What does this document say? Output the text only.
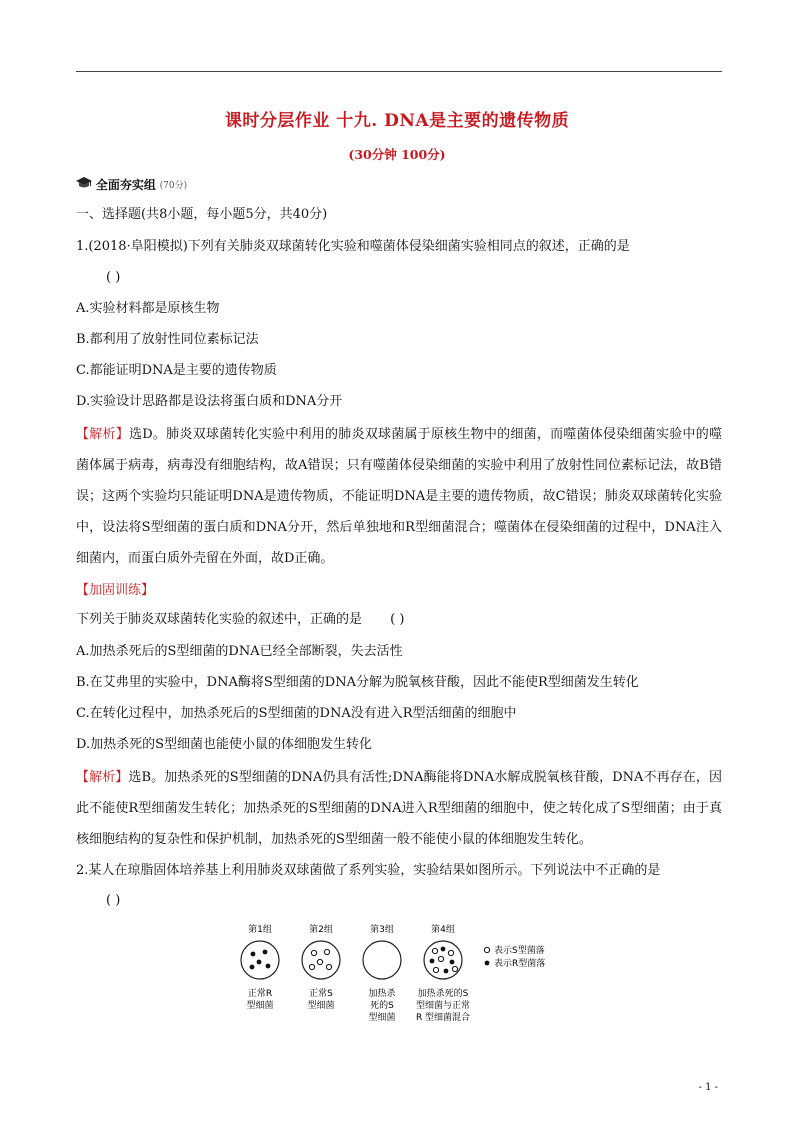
课时分层作业 十九. DNA是主要的遗传物质
(30分钟 100分)
全面夯实组 (70分)
一、选择题(共8小题，每小题5分，共40分)
1.(2018·阜阳模拟)下列有关肺炎双球菌转化实验和噬菌体侵染细菌实验相同点的叙述，正确的是
( )
A.实验材料都是原核生物
B.都利用了放射性同位素标记法
C.都能证明DNA是主要的遗传物质
D.实验设计思路都是设法将蛋白质和DNA分开
【解析】选D。肺炎双球菌转化实验中利用的肺炎双球菌属于原核生物中的细菌，而噬菌体侵染细菌实验中的噬菌体属于病毒，病毒没有细胞结构，故A错误；只有噬菌体侵染细菌的实验中利用了放射性同位素标记法，故B错误；这两个实验均只能证明DNA是遗传物质，不能证明DNA是主要的遗传物质，故C错误；肺炎双球菌转化实验中，设法将S型细菌的蛋白质和DNA分开，然后单独地和R型细菌混合；噬菌体在侵染细菌的过程中，DNA注入细菌内，而蛋白质外壳留在外面，故D正确。
【加固训练】
下列关于肺炎双球菌转化实验的叙述中，正确的是 ( )
A.加热杀死后的S型细菌的DNA已经全部断裂，失去活性
B.在艾弗里的实验中，DNA酶将S型细菌的DNA分解为脱氧核苷酸，因此不能使R型细菌发生转化
C.在转化过程中，加热杀死后的S型细菌的DNA没有进入R型活细菌的细胞中
D.加热杀死的S型细菌也能使小鼠的体细胞发生转化
【解析】选B。加热杀死的S型细菌的DNA仍具有活性;DNA酶能将DNA水解成脱氧核苷酸，DNA不再存在，因此不能使R型细菌发生转化；加热杀死的S型细菌的DNA进入R型细菌的细胞中，使之转化成了S型细菌；由于真核细胞结构的复杂性和保护机制，加热杀死的S型细菌一般不能使小鼠的体细胞发生转化。
2.某人在琼脂固体培养基上利用肺炎双球菌做了系列实验，实验结果如图所示。下列说法中不正确的是
( )
第1组	第2组	第3组	第4组
表示S型菌落
表示R型菌落
正常R
型细菌
正常S
型细菌
加热杀
死的S
型细菌
加热杀死的S
型细菌与正常
R 型细菌混合
- 1 -
